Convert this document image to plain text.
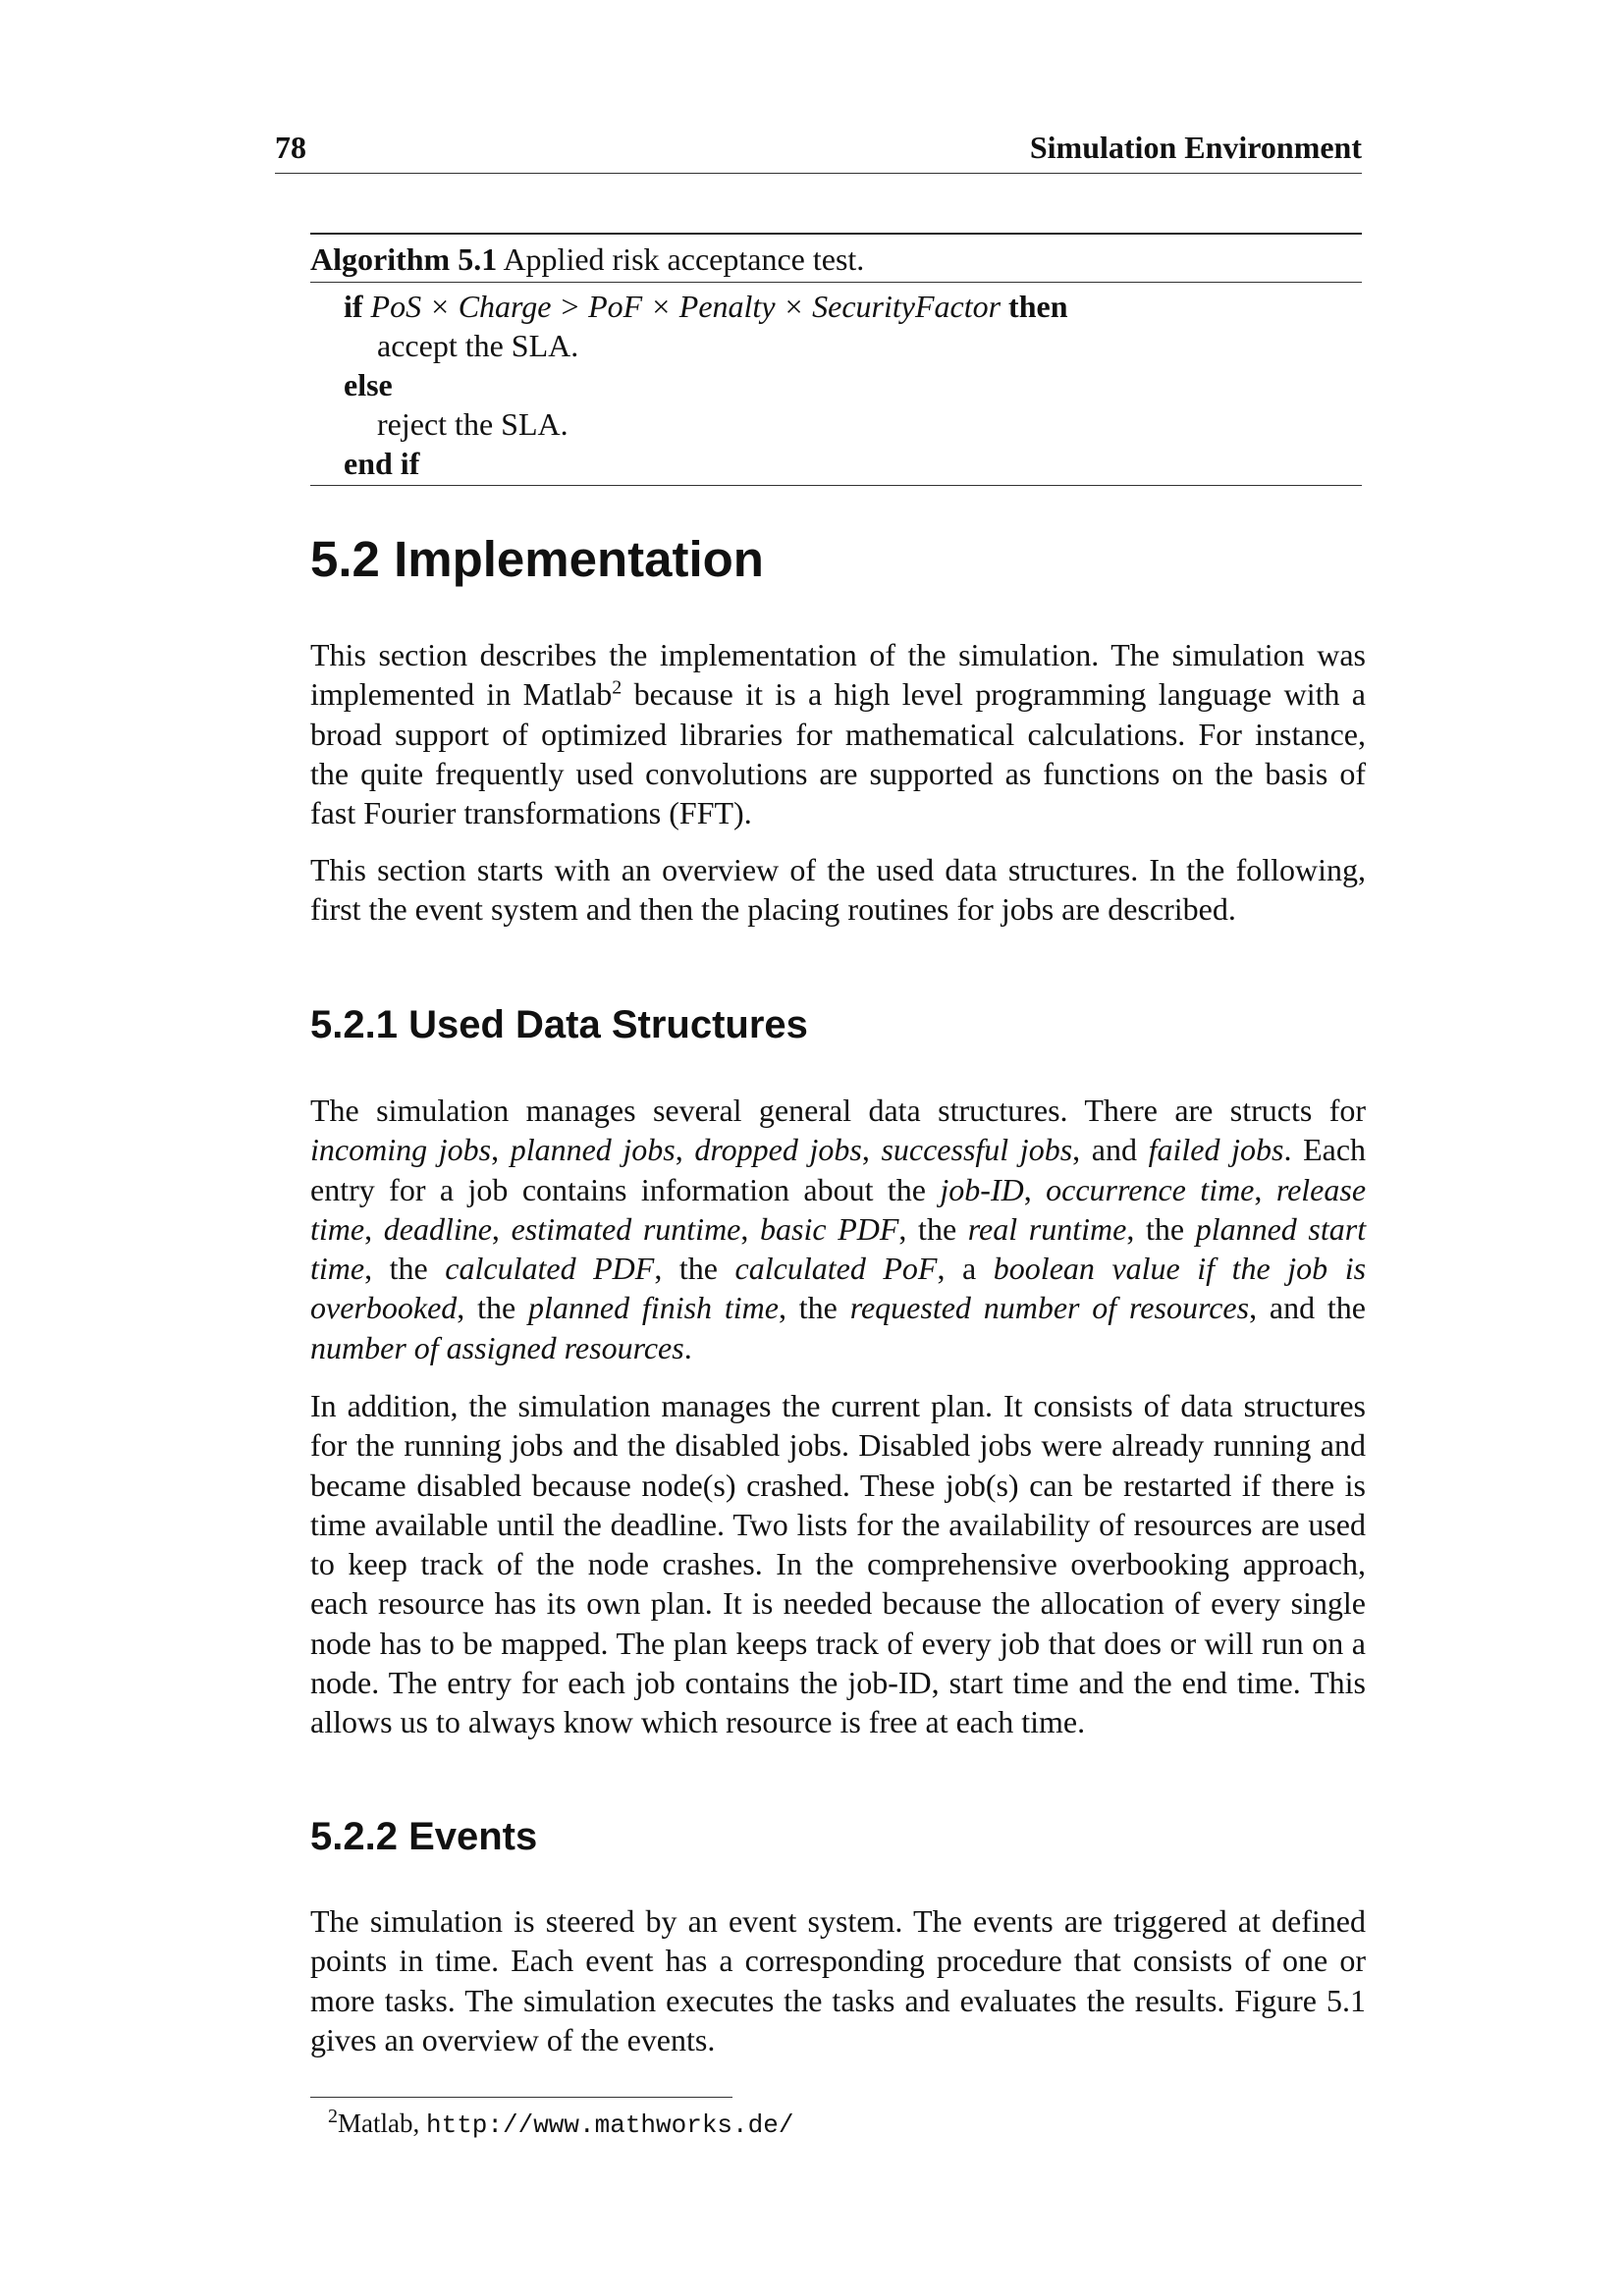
78	Simulation Environment
Algorithm 5.1 Applied risk acceptance test.
if PoS × Charge > PoF × Penalty × SecurityFactor then
accept the SLA.
else
reject the SLA.
end if
5.2 Implementation
This section describes the implementation of the simulation. The simulation was implemented in Matlab$^2$ because it is a high level programming language with a broad support of optimized libraries for mathematical calculations. For instance, the quite frequently used convolutions are supported as functions on the basis of fast Fourier transformations (FFT).
This section starts with an overview of the used data structures. In the following, first the event system and then the placing routines for jobs are described.
5.2.1 Used Data Structures
The simulation manages several general data structures. There are structs for incoming jobs, planned jobs, dropped jobs, successful jobs, and failed jobs. Each entry for a job contains information about the job-ID, occurrence time, release time, deadline, estimated runtime, basic PDF, the real runtime, the planned start time, the calculated PDF, the calculated PoF, a boolean value if the job is overbooked, the planned finish time, the requested number of resources, and the number of assigned resources.
In addition, the simulation manages the current plan. It consists of data structures for the running jobs and the disabled jobs. Disabled jobs were already running and became disabled because node(s) crashed. These job(s) can be restarted if there is time available until the deadline. Two lists for the availability of resources are used to keep track of the node crashes. In the comprehensive overbooking approach, each resource has its own plan. It is needed because the allocation of every single node has to be mapped. The plan keeps track of every job that does or will run on a node. The entry for each job contains the job-ID, start time and the end time. This allows us to always know which resource is free at each time.
5.2.2 Events
The simulation is steered by an event system. The events are triggered at defined points in time. Each event has a corresponding procedure that consists of one or more tasks. The simulation executes the tasks and evaluates the results. Figure 5.1 gives an overview of the events.
$^2$Matlab, http://www.mathworks.de/
